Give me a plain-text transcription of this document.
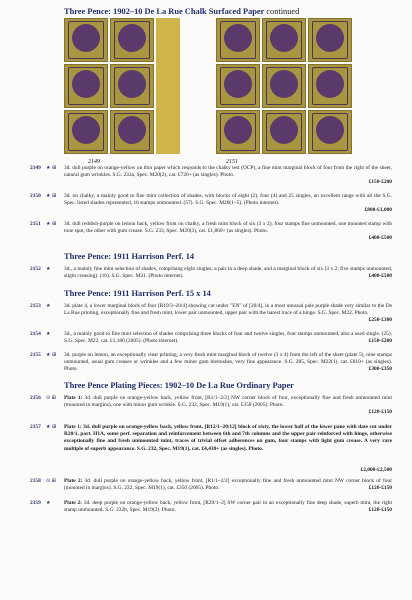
Three Pence: 1902–10 De La Rue Chalk Surfaced Paper continued
2149	2151
2149	★ ⊞	3d. dull purple on orange-yellow on thin paper which responds to the chalky test (OCP), a fine mint marginal block of four from the right of the sheet, natural gum wrinkles. S.G. 232a, Spec. M20(2), cat. £720+ (as singles). Photo.
£150-£200
2150	★ ⊞	3d. on chalky, a mainly good to fine mint collection of shades, with blocks of eight (2), four (4) and 25 singles, an excellent range with all the S.G. Spec. listed shades represented, 16 stamps unmounted. (57). S.G. Spec. M20(1–5). (Photo internet).
£800-£1,000
2151	★ ⊞	3d. dull reddish-purple on lemon back, yellow front on chalky, a fresh mint block of six (3 x 2), four stamps fine unmounted, one mounted stamp with tone spot, the other with gum crease. S.G. 233, Spec. M20(3), cat. £1,860+ (as singles). Photo.
£400-£500
Three Pence: 1911 Harrison Perf. 14
2152	★	3d., a mainly fine mint selection of shades, comprising eight singles, a pair in a deep shade, and a marginal block of six (3 x 2, five stamps unmounted, slight creasing). (16). S.G. Spec. M21. (Photo internet).	£400-£500
Three Pence: 1911 Harrison Perf. 15 x 14
2153	★	3d. plate 4, a lower marginal block of four [R19/3–20/4] showing cut under "EN" of [20/4], in a most unusual pale purple shade very similar to the De La Rue printing, exceptionally fine and fresh mint, lower pair unmounted, upper pair with the barest trace of a hinge. S.G. Spec. M22. Photo.
£250-£300
2154	★	3d., a mainly good to fine mint selection of shades comprising three blocks of four and twelve singles, four stamps unmounted, also a used single. (25). S.G. Spec. M22, cat. £1,180 (2005). (Photo internet).	£150-£200
2155	★ ⊞	3d. purple on lemon, an exceptionally clear printing, a very fresh mint marginal block of twelve (3 x 4) from the left of the sheet (plate 5), nine stamps unmounted, usual gum creases or wrinkles and a few minor gum blemishes, very fine appearance. S.G. 285, Spec. M22(1), cat. £810+ (as singles). Photo.	£300-£350
Three Pence Plating Pieces: 1902–10 De La Rue Ordinary Paper
2156	⊙ ⊞	Plate 1: 3d. dull purple on orange-yellow back, yellow front, [R1/1–2/2] NW corner block of four, exceptionally fine and fresh unmounted mint (mounted in margins), one with minor gum wrinkle. S.G. 232, Spec. M19(1), cat. £350 (2005). Photo.
£120-£150
2157	★ ⊞	Plate 1: 3d. dull purple on orange-yellow back, yellow front, [R12/1–20/12] block of sixty, the lower half of the lower pane with date cut under R20/1, part. H1A, some perf. separation and reinforcement between 6th and 7th columns and the upper pair reinforced with hinge, otherwise exceptionally fine and fresh unmounted mint, traces of trivial offset adherences on gum, four stamps with light gum crease. A very rare multiple of superb appearance. S.G. 232, Spec. M19(1), cat. £4,430+ (as singles). Photo.
£2,000-£2,500
2158	⊙ ⊞	Plate 2: 3d. dull purple on orange-yellow back, yellow front, [R1/1–2/2] exceptionally fine and fresh unmounted mint NW corner block of four (mounted in margins). S.G. 232, Spec. M19(1), cat. £350 (2005). Photo.	£120-£150
2159	★	Plate 2: 3d. deep purple on orange-yellow back, yellow front, [R20/1–2] SW corner pair in an exceptionally fine deep shade, superb mint, the right stamp unmounted. S.G. 232b, Spec. M19(2). Photo.	£120-£150
